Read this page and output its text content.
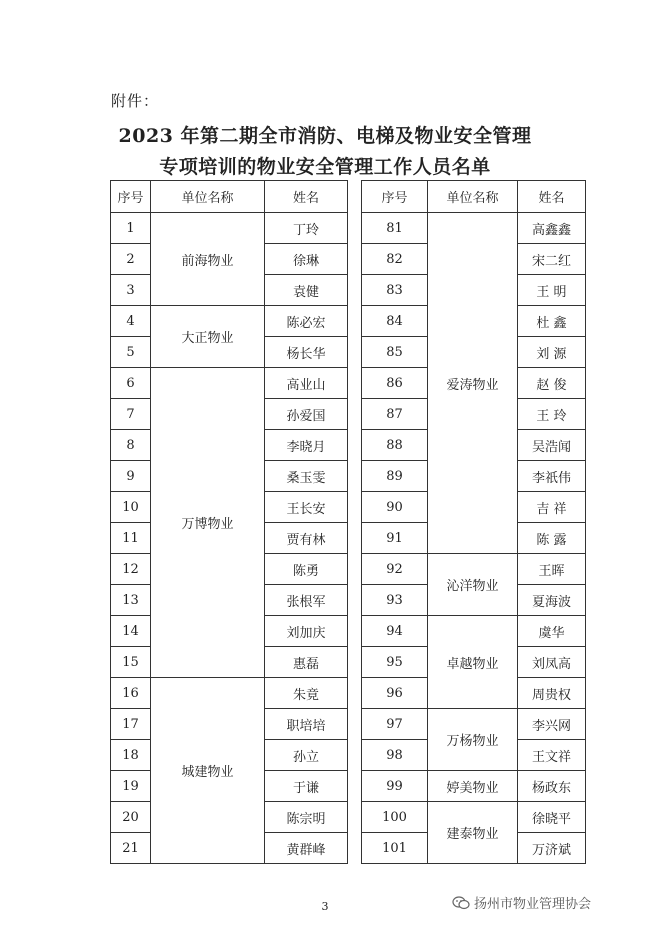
附件：
2023 年第二期全市消防、电梯及物业安全管理
专项培训的物业安全管理工作人员名单
序号	单位名称	姓名
1	前海物业	丁玲
2		徐琳
3		袁健
4	大正物业	陈必宏
5		杨长华
6	万博物业	高业山
7		孙爱国
8		李晓月
9		桑玉雯
10		王长安
11		贾有林
12		陈勇
13		张根军
14		刘加庆
15		惠磊
16	城建物业	朱竟
17		职培培
18		孙立
19		于谦
20		陈宗明
21		黄群峰
序号	单位名称	姓名
81	爱涛物业	高鑫鑫
82		宋二红
83		王 明
84		杜 鑫
85		刘 源
86		赵 俊
87		王 玲
88		吴浩闻
89		李祇伟
90		吉 祥
91		陈 露
92	沁洋物业	王晖
93		夏海波
94	卓越物业	虞华
95		刘凤高
96		周贵权
97	万杨物业	李兴网
98		王文祥
99	婷美物业	杨政东
100	建泰物业	徐晓平
101		万济斌
3	扬州市物业管理协会
